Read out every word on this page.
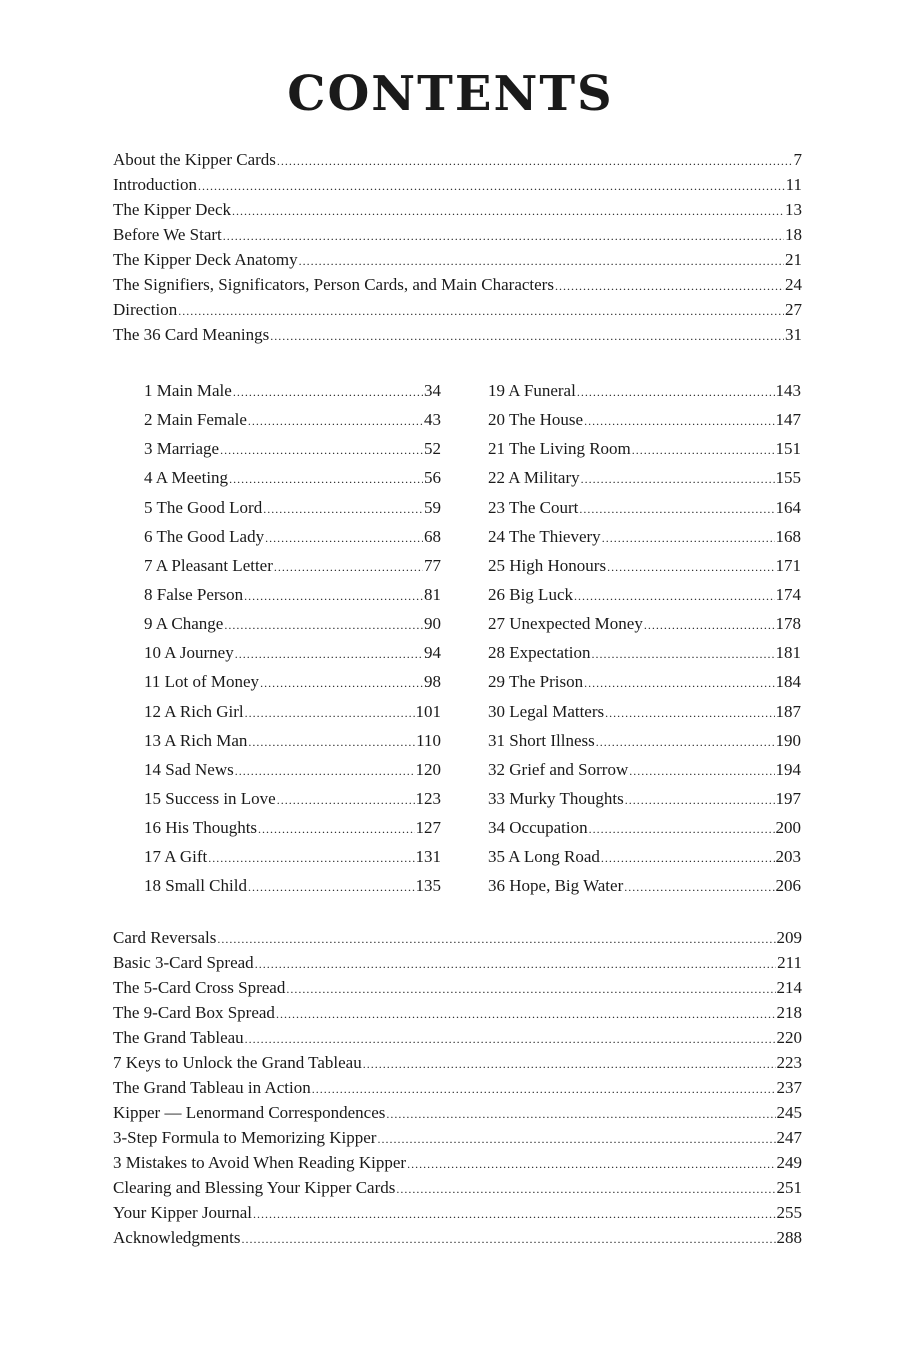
CONTENTS
About the Kipper Cards .....	7
Introduction .....	11
The Kipper Deck .....	13
Before We Start .....	18
The Kipper Deck Anatomy .....	21
The Signifiers, Significators, Person Cards, and Main Characters .....	24
Direction .....	27
The 36 Card Meanings .....	31
1 Main Male .....	34
2 Main Female .....	43
3 Marriage .....	52
4 A Meeting .....	56
5 The Good Lord .....	59
6 The Good Lady .....	68
7 A Pleasant Letter .....	77
8 False Person .....	81
9 A Change .....	90
10 A Journey .....	94
11 Lot of Money .....	98
12 A Rich Girl .....	101
13 A Rich Man .....	110
14 Sad News .....	120
15 Success in Love .....	123
16 His Thoughts .....	127
17 A Gift .....	131
18 Small Child .....	135
19 A Funeral .....	143
20 The House .....	147
21 The Living Room .....	151
22 A Military .....	155
23 The Court .....	164
24 The Thievery .....	168
25 High Honours .....	171
26 Big Luck .....	174
27 Unexpected Money .....	178
28 Expectation .....	181
29 The Prison .....	184
30 Legal Matters .....	187
31 Short Illness .....	190
32 Grief and Sorrow .....	194
33 Murky Thoughts .....	197
34 Occupation .....	200
35 A Long Road .....	203
36 Hope, Big Water .....	206
Card Reversals .....	209
Basic 3-Card Spread .....	211
The 5-Card Cross Spread .....	214
The 9-Card Box Spread .....	218
The Grand Tableau .....	220
7 Keys to Unlock the Grand Tableau .....	223
The Grand Tableau in Action .....	237
Kipper — Lenormand Correspondences .....	245
3-Step Formula to Memorizing Kipper .....	247
3 Mistakes to Avoid When Reading Kipper .....	249
Clearing and Blessing Your Kipper Cards .....	251
Your Kipper Journal .....	255
Acknowledgments .....	288
